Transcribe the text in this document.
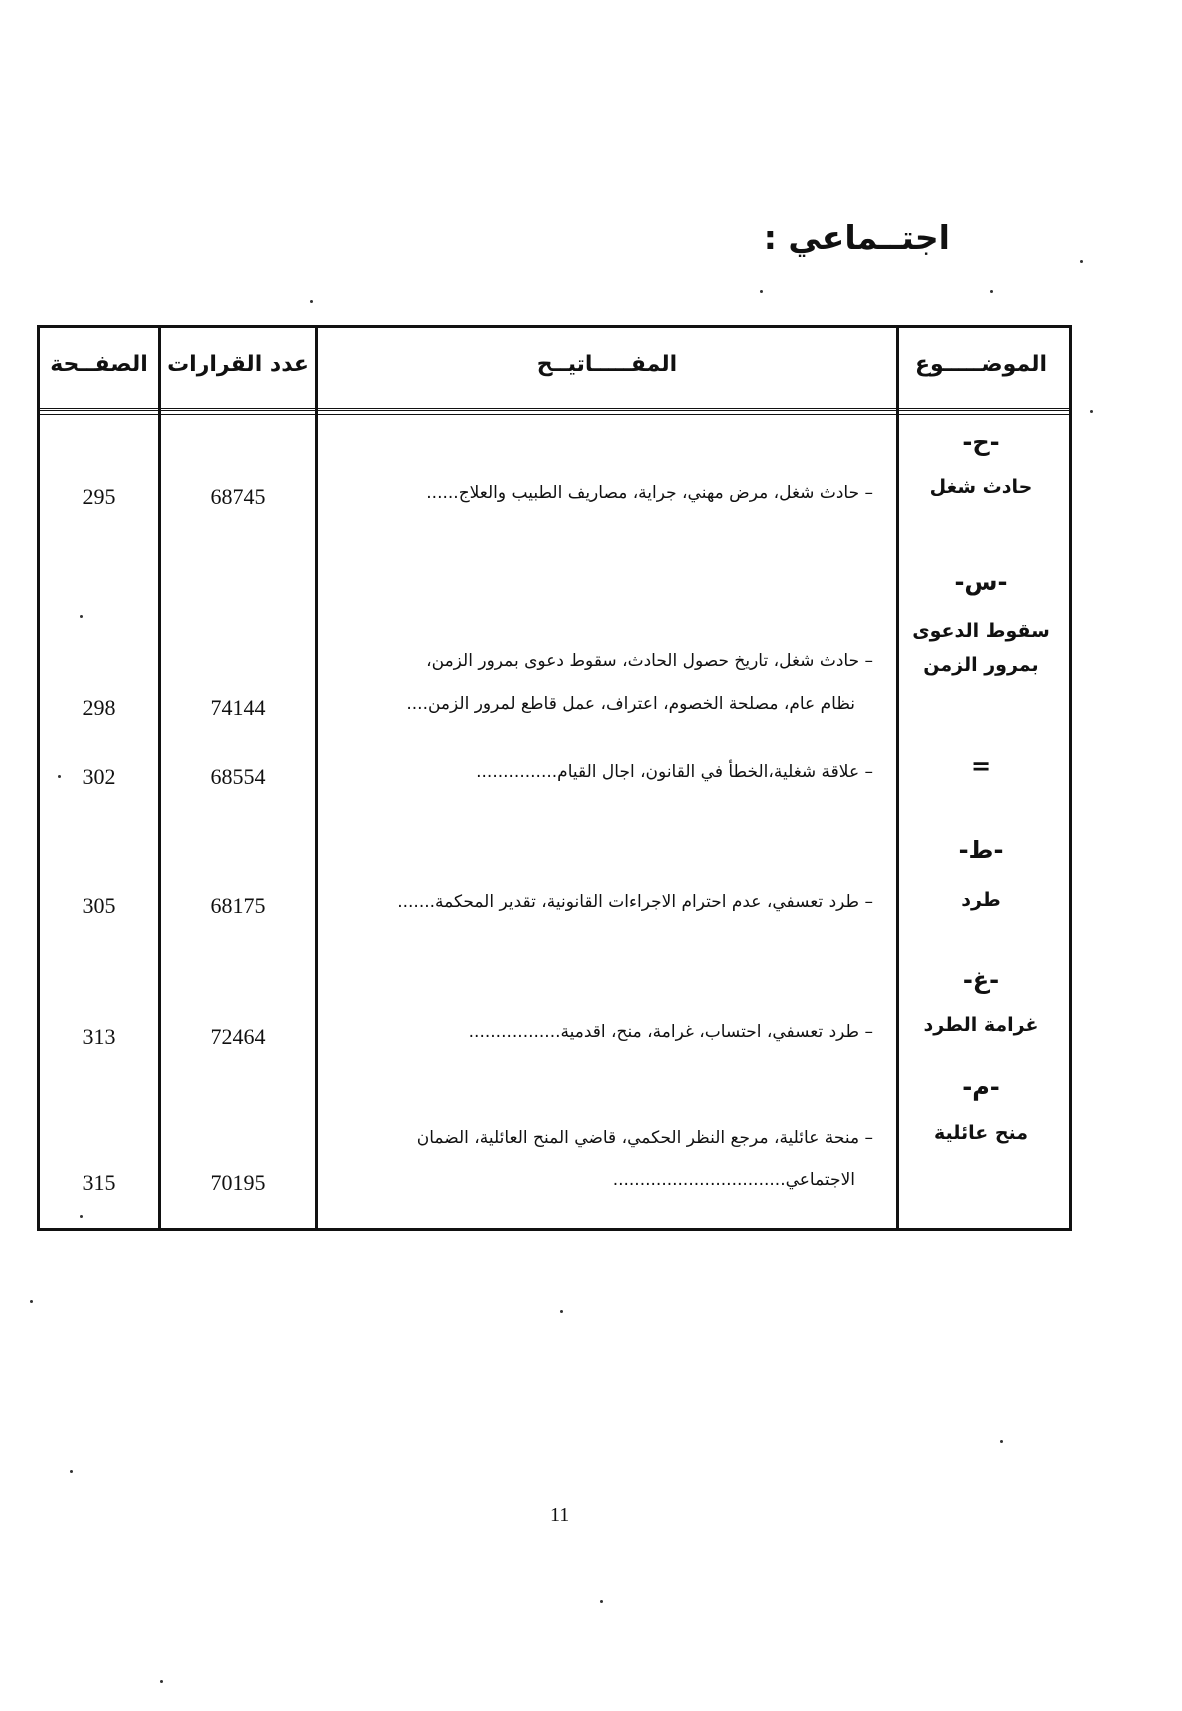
اجتــماعي :
الموضـــــوع
المفـــــاتيــح
عدد القرارات
الصفــحة
-ح-
حادث شغل
– حادث شغل، مرض مهني، جراية، مصاريف الطبيب والعلاج......
68745
295
-س-
سقوط الدعوى
بمرور الزمن
– حادث شغل، تاريخ حصول الحادث، سقوط دعوى بمرور الزمن،
نظام عام، مصلحة الخصوم، اعتراف، عمل قاطع لمرور الزمن....
74144
298
=
– علاقة شغلية،الخطأ في القانون، اجال القيام...............
68554
302
-ط-
طرد
– طرد تعسفي، عدم احترام الاجراءات القانونية، تقدير المحكمة.......
68175
305
-غ-
غرامة الطرد
– طرد تعسفي، احتساب، غرامة، منح، اقدمية.................
72464
313
-م-
منح عائلية
– منحة عائلية، مرجع النظر الحكمي، قاضي المنح العائلية، الضمان
الاجتماعي................................
70195
315
11
